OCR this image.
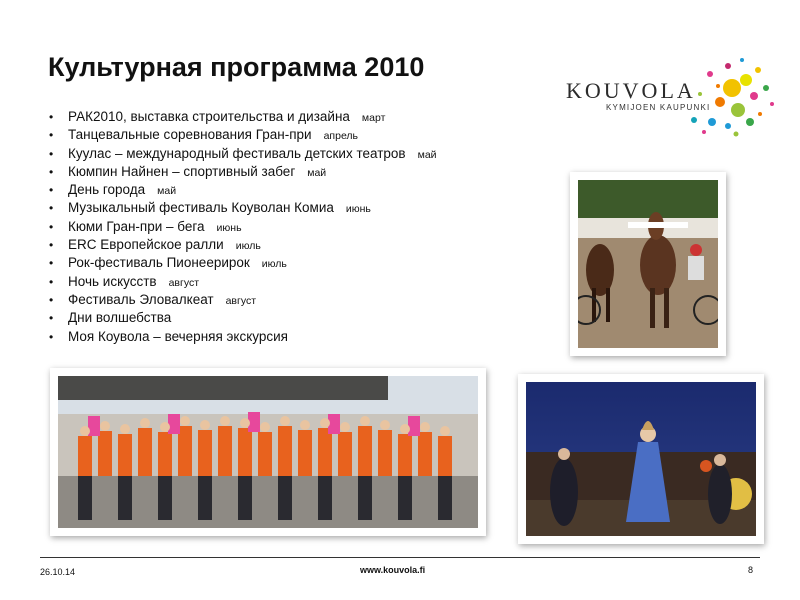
Культурная программа 2010
KOUVOLA
KYMIJOEN KAUPUNKI
• РАК2010, выставка строительства и дизайна март
• Танцевальные соревнования Гран-при апрель
• Куулас – международный фестиваль детских театров май
• Кюмпин Найнен – спортивный забег май
• День города май
• Музыкальный фестиваль Коуволан Комиа июнь
• Кюми Гран-при – бега июнь
• ERC Европейское ралли июль
• Рок-фестиваль Пионеерирок июль
• Ночь искусств август
• Фестиваль Эловалкеат август
• Дни волшебства
• Моя Коувола – вечерняя экскурсия
26.10.14	www.kouvola.fi	8
